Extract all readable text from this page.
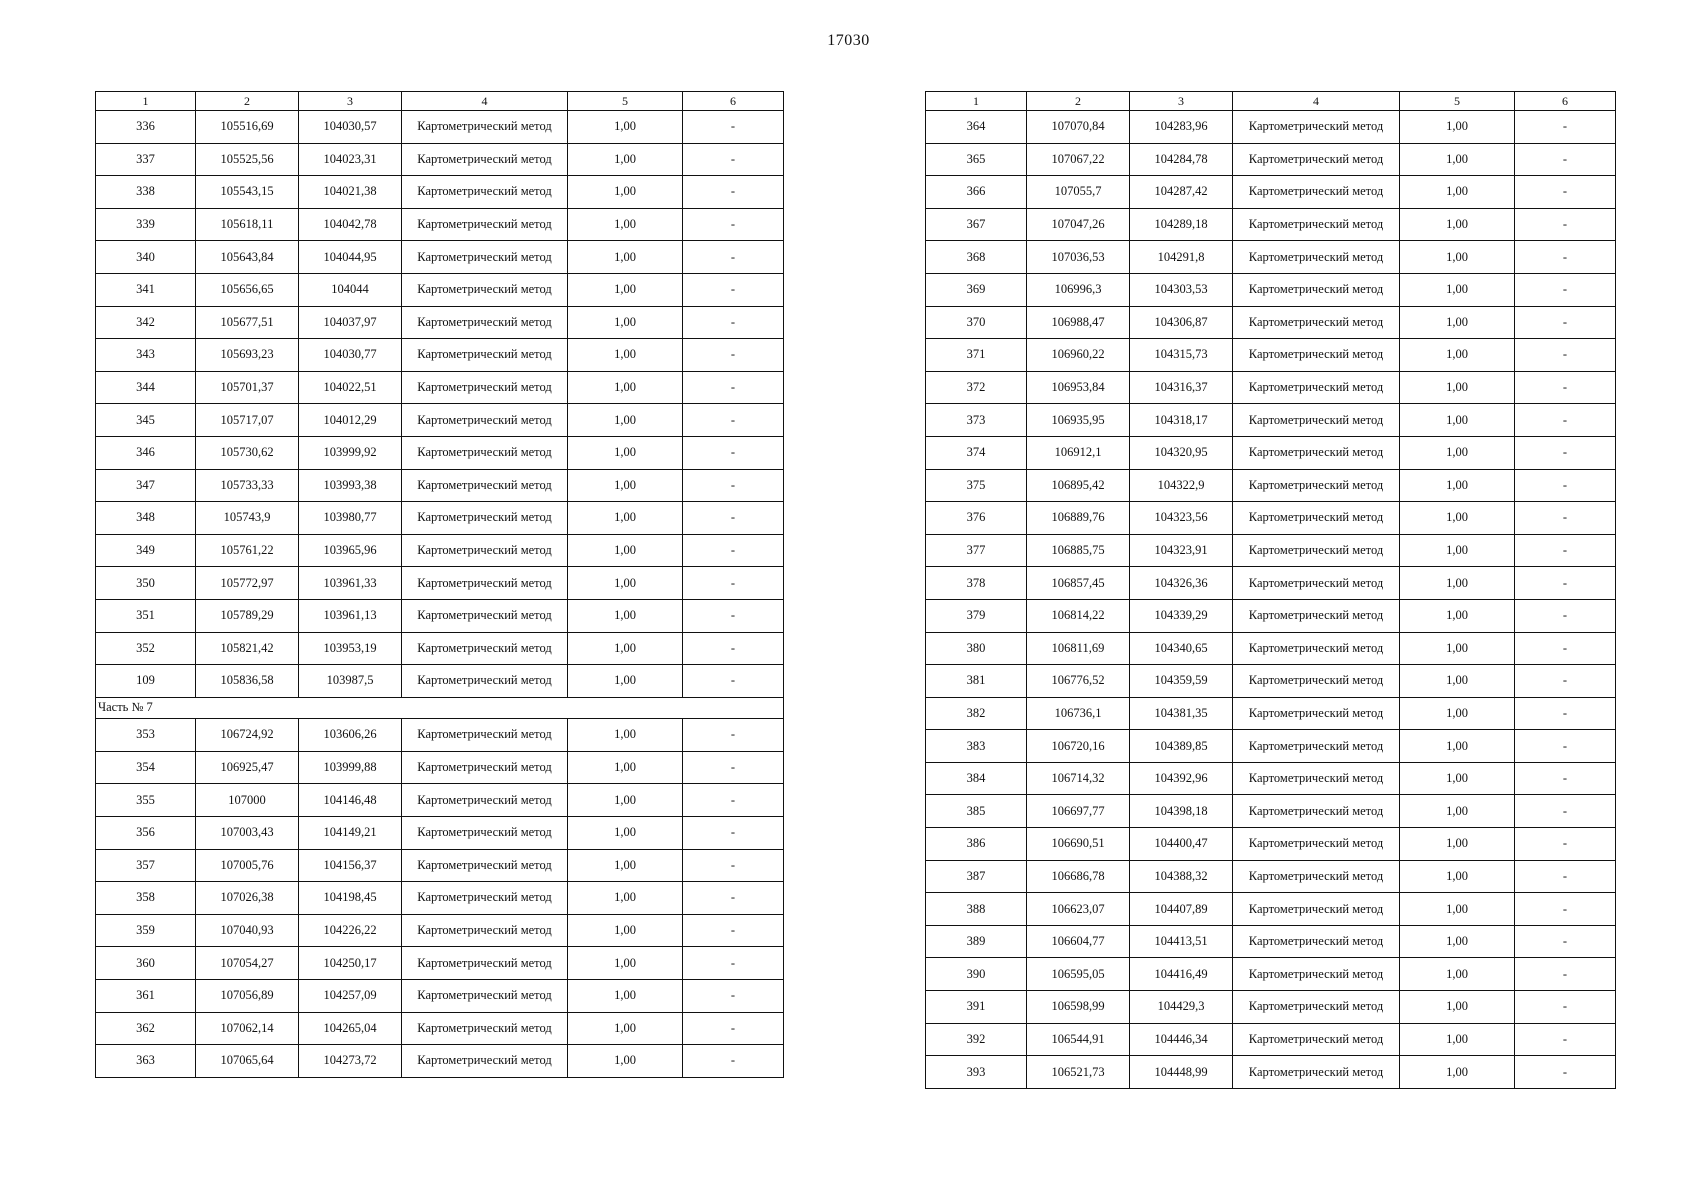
17030
1	2	3	4	5	6
336	105516,69	104030,57	Картометрический метод	1,00	-
337	105525,56	104023,31	Картометрический метод	1,00	-
338	105543,15	104021,38	Картометрический метод	1,00	-
339	105618,11	104042,78	Картометрический метод	1,00	-
340	105643,84	104044,95	Картометрический метод	1,00	-
341	105656,65	104044	Картометрический метод	1,00	-
342	105677,51	104037,97	Картометрический метод	1,00	-
343	105693,23	104030,77	Картометрический метод	1,00	-
344	105701,37	104022,51	Картометрический метод	1,00	-
345	105717,07	104012,29	Картометрический метод	1,00	-
346	105730,62	103999,92	Картометрический метод	1,00	-
347	105733,33	103993,38	Картометрический метод	1,00	-
348	105743,9	103980,77	Картометрический метод	1,00	-
349	105761,22	103965,96	Картометрический метод	1,00	-
350	105772,97	103961,33	Картометрический метод	1,00	-
351	105789,29	103961,13	Картометрический метод	1,00	-
352	105821,42	103953,19	Картометрический метод	1,00	-
109	105836,58	103987,5	Картометрический метод	1,00	-
Часть № 7					
353	106724,92	103606,26	Картометрический метод	1,00	-
354	106925,47	103999,88	Картометрический метод	1,00	-
355	107000	104146,48	Картометрический метод	1,00	-
356	107003,43	104149,21	Картометрический метод	1,00	-
357	107005,76	104156,37	Картометрический метод	1,00	-
358	107026,38	104198,45	Картометрический метод	1,00	-
359	107040,93	104226,22	Картометрический метод	1,00	-
360	107054,27	104250,17	Картометрический метод	1,00	-
361	107056,89	104257,09	Картометрический метод	1,00	-
362	107062,14	104265,04	Картометрический метод	1,00	-
363	107065,64	104273,72	Картометрический метод	1,00	-
1	2	3	4	5	6
364	107070,84	104283,96	Картометрический метод	1,00	-
365	107067,22	104284,78	Картометрический метод	1,00	-
366	107055,7	104287,42	Картометрический метод	1,00	-
367	107047,26	104289,18	Картометрический метод	1,00	-
368	107036,53	104291,8	Картометрический метод	1,00	-
369	106996,3	104303,53	Картометрический метод	1,00	-
370	106988,47	104306,87	Картометрический метод	1,00	-
371	106960,22	104315,73	Картометрический метод	1,00	-
372	106953,84	104316,37	Картометрический метод	1,00	-
373	106935,95	104318,17	Картометрический метод	1,00	-
374	106912,1	104320,95	Картометрический метод	1,00	-
375	106895,42	104322,9	Картометрический метод	1,00	-
376	106889,76	104323,56	Картометрический метод	1,00	-
377	106885,75	104323,91	Картометрический метод	1,00	-
378	106857,45	104326,36	Картометрический метод	1,00	-
379	106814,22	104339,29	Картометрический метод	1,00	-
380	106811,69	104340,65	Картометрический метод	1,00	-
381	106776,52	104359,59	Картометрический метод	1,00	-
382	106736,1	104381,35	Картометрический метод	1,00	-
383	106720,16	104389,85	Картометрический метод	1,00	-
384	106714,32	104392,96	Картометрический метод	1,00	-
385	106697,77	104398,18	Картометрический метод	1,00	-
386	106690,51	104400,47	Картометрический метод	1,00	-
387	106686,78	104388,32	Картометрический метод	1,00	-
388	106623,07	104407,89	Картометрический метод	1,00	-
389	106604,77	104413,51	Картометрический метод	1,00	-
390	106595,05	104416,49	Картометрический метод	1,00	-
391	106598,99	104429,3	Картометрический метод	1,00	-
392	106544,91	104446,34	Картометрический метод	1,00	-
393	106521,73	104448,99	Картометрический метод	1,00	-
